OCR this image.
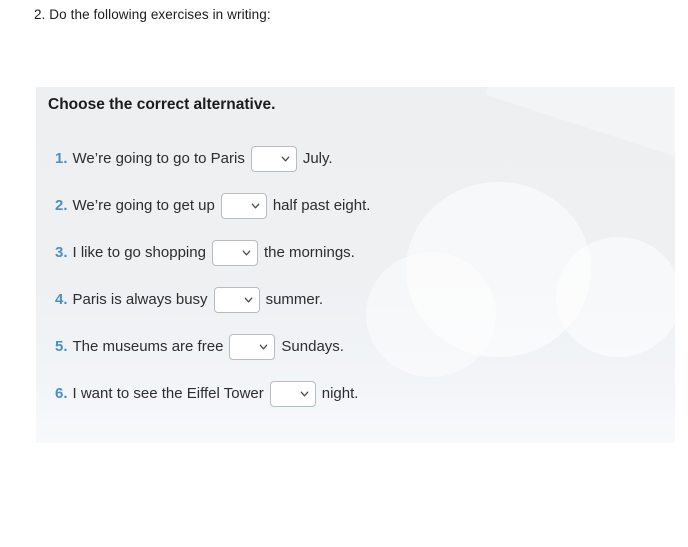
2. Do the following exercises in writing:
Choose the correct alternative.
1. We’re going to go to Paris	July.
2. We’re going to get up	half past eight.
3. I like to go shopping	the mornings.
4. Paris is always busy	summer.
5. The museums are free	Sundays.
6. I want to see the Eiffel Tower	night.
